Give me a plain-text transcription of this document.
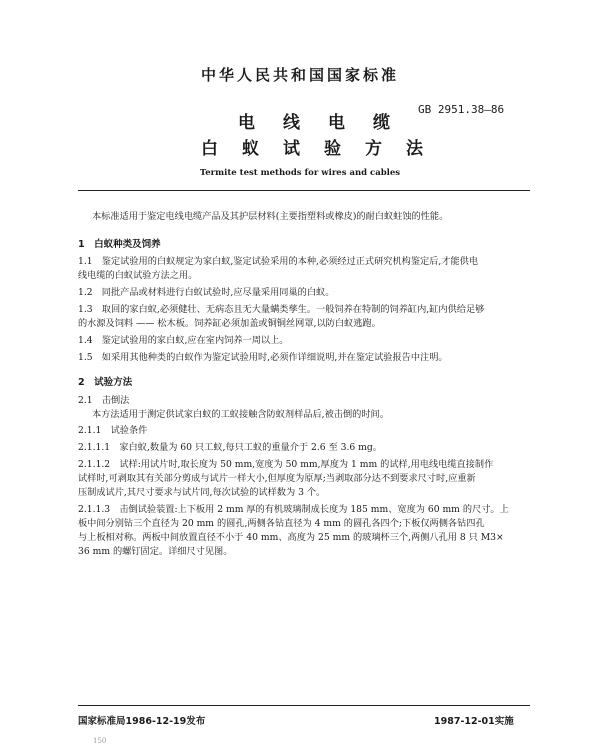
中华人民共和国国家标准
GB 2951.38—86
电线电缆
白蚁试验方法
Termite test methods for wires and cables
本标准适用于鉴定电线电缆产品及其护层材料(主要指塑料或橡皮)的耐白蚁蛀蚀的性能。
1　白蚁种类及饲养
1.1　鉴定试验用的白蚁规定为家白蚁,鉴定试验采用的本种,必须经过正式研究机构鉴定后,才能供电
线电缆的白蚁试验方法之用。
1.2　同批产品或材料进行白蚁试验时,应尽量采用同巢的白蚁。
1.3　取回的家白蚁,必须健壮、无病态且无大量螨类孳生。一般饲养在特制的饲养缸内,缸内供给足够
的水源及饲料 —— 松木板。饲养缸必须加盖或铜铜丝网罩,以防白蚁逃跑。
1.4　鉴定试验用的家白蚁,应在室内饲养一周以上。
1.5　如采用其他种类的白蚁作为鉴定试验用时,必须作详细说明,并在鉴定试验报告中注明。
2　试验方法
2.1　击倒法
本方法适用于测定供试家白蚁的工蚁接触含防蚁剂样品后,被击倒的时间。
2.1.1　试验条件
2.1.1.1　家白蚁,数量为 60 只工蚁,每只工蚁的重量介于 2.6 至 3.6 mg。
2.1.1.2　试样:用试片时,取长度为 50 mm,宽度为 50 mm,厚度为 1 mm 的试样,用电线电缆直接制作
试样时,可剥取其有关部分剪成与试片一样大小,但厚度为原厚;当剥取部分达不到要求尺寸时,应重新
压制成试片,其尺寸要求与试片同,每次试验的试样数为 3 个。
2.1.1.3　击倒试验装置:上下板用 2 mm 厚的有机玻璃制成长度为 185 mm、宽度为 60 mm 的尺寸。上
板中间分别钻三个直径为 20 mm 的圆孔,两侧各钻直径为 4 mm 的圆孔各四个;下板仅两侧各钻四孔
与上板相对称。两板中间放置直径不小于 40 mm、高度为 25 mm 的玻璃杯三个,两侧八孔用 8 只 M3×
36 mm 的螺钉固定。详细尺寸见图。
国家标准局1986-12-19发布	1987-12-01实施
150
